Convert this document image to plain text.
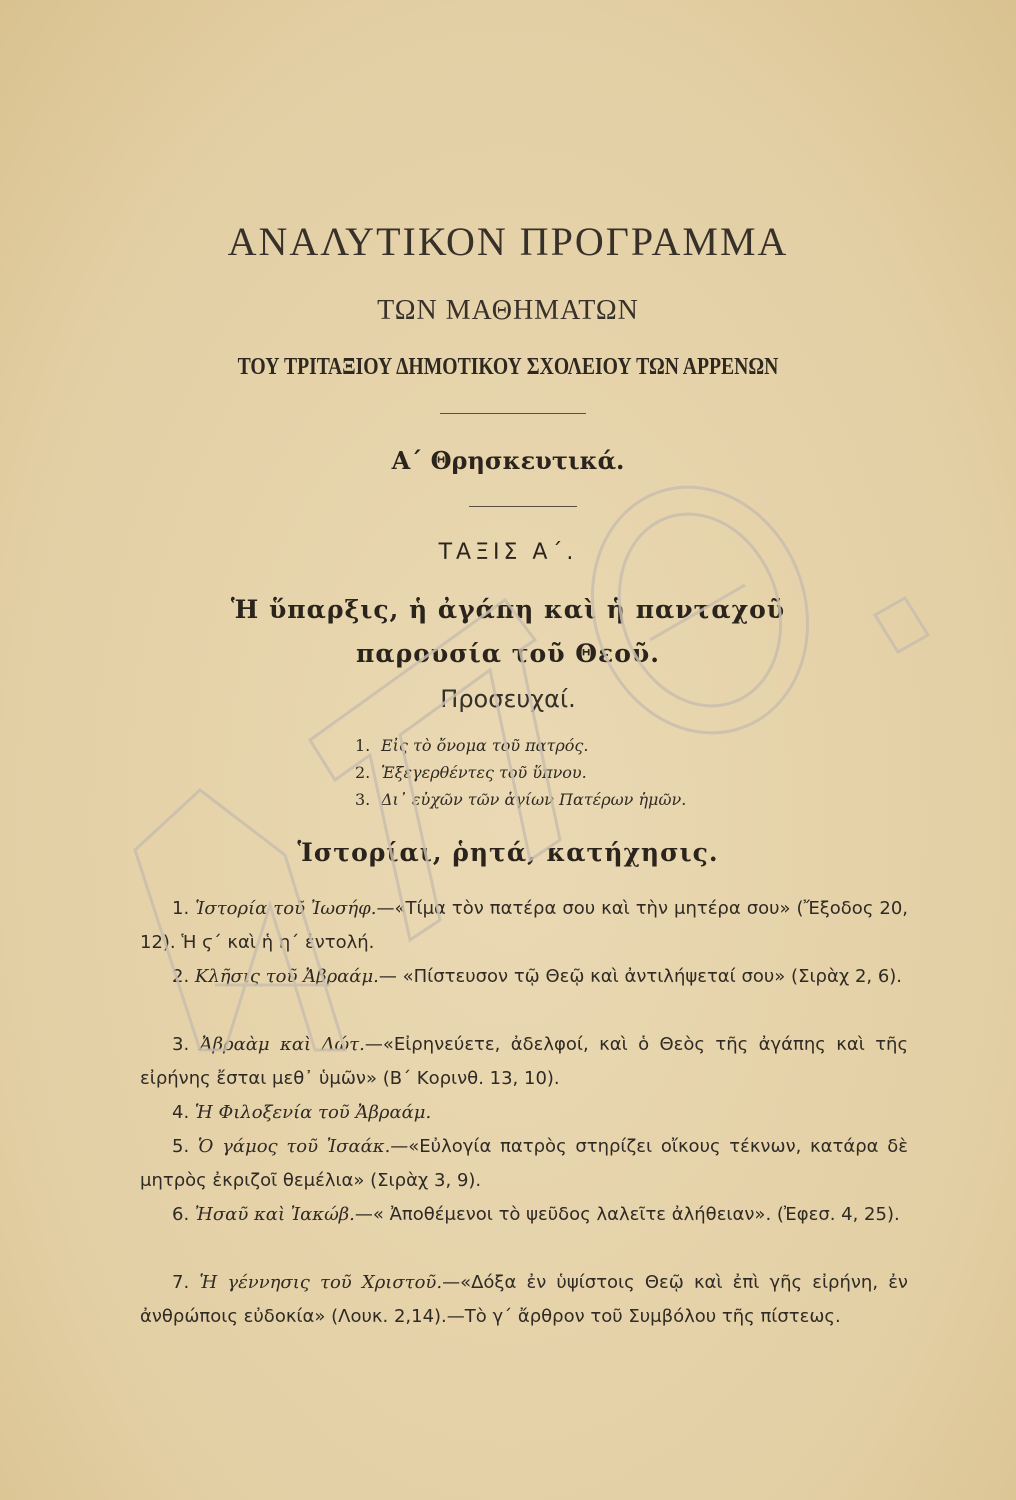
ΑΝΑΛΥΤΙΚΟΝ ΠΡΟΓΡΑΜΜΑ
ΤΩΝ ΜΑΘΗΜΑΤΩΝ
ΤΟΥ ΤΡΙΤΑΞΙΟΥ ΔΗΜΟΤΙΚΟΥ ΣΧΟΛΕΙΟΥ ΤΩΝ ΑΡΡΕΝΩΝ
Α΄ Θρησκευτικά.
ΤΑΞΙΣ Α΄.
Ἡ ὕπαρξις, ἡ ἀγάπη καὶ ἡ πανταχοῦ
παρουσία τοῦ Θεοῦ.
Προσευχαί.
1. Εἰς τὸ ὄνομα τοῦ πατρός.
2. Ἐξεγερθέντες τοῦ ὕπνου.
3. Δι᾽ εὐχῶν τῶν ἁγίων Πατέρων ἡμῶν.
Ἱστορίαι, ῥητά, κατήχησις.
1. Ἱστορία τοῦ Ἰωσήφ.—«Τίμα τὸν πατέρα σου καὶ τὴν μητέρα σου» (Ἔξοδος 20, 12). Ἡ ϛ΄ καὶ ἡ η΄ ἐντολή.
2. Κλῆσις τοῦ Ἀβραάμ.— «Πίστευσον τῷ Θεῷ καὶ ἀντιλήψεταί σου» (Σιρὰχ 2, 6).
3. Ἀβραὰμ καὶ Λώτ.—«Εἰρηνεύετε, ἀδελφοί, καὶ ὁ Θεὸς τῆς ἀγάπης καὶ τῆς εἰρήνης ἔσται μεθ᾽ ὑμῶν» (Β΄ Κορινθ. 13, 10).
4. Ἡ Φιλοξενία τοῦ Ἀβραάμ.
5. Ὁ γάμος τοῦ Ἰσαάκ.—«Εὐλογία πατρὸς στηρίζει οἴκους τέκνων, κατάρα δὲ μητρὸς ἐκριζοῖ θεμέλια» (Σιρὰχ 3, 9).
6. Ἠσαῦ καὶ Ἰακώβ.—« Ἀποθέμενοι τὸ ψεῦδος λαλεῖτε ἀλήθειαν». (Ἐφεσ. 4, 25).
7. Ἡ γέννησις τοῦ Χριστοῦ.—«Δόξα ἐν ὑψίστοις Θεῷ καὶ ἐπὶ γῆς εἰρήνη, ἐν ἀνθρώποις εὐδοκία» (Λουκ. 2,14).—Τὸ γ΄ ἄρθρον τοῦ Συμβόλου τῆς πίστεως.
